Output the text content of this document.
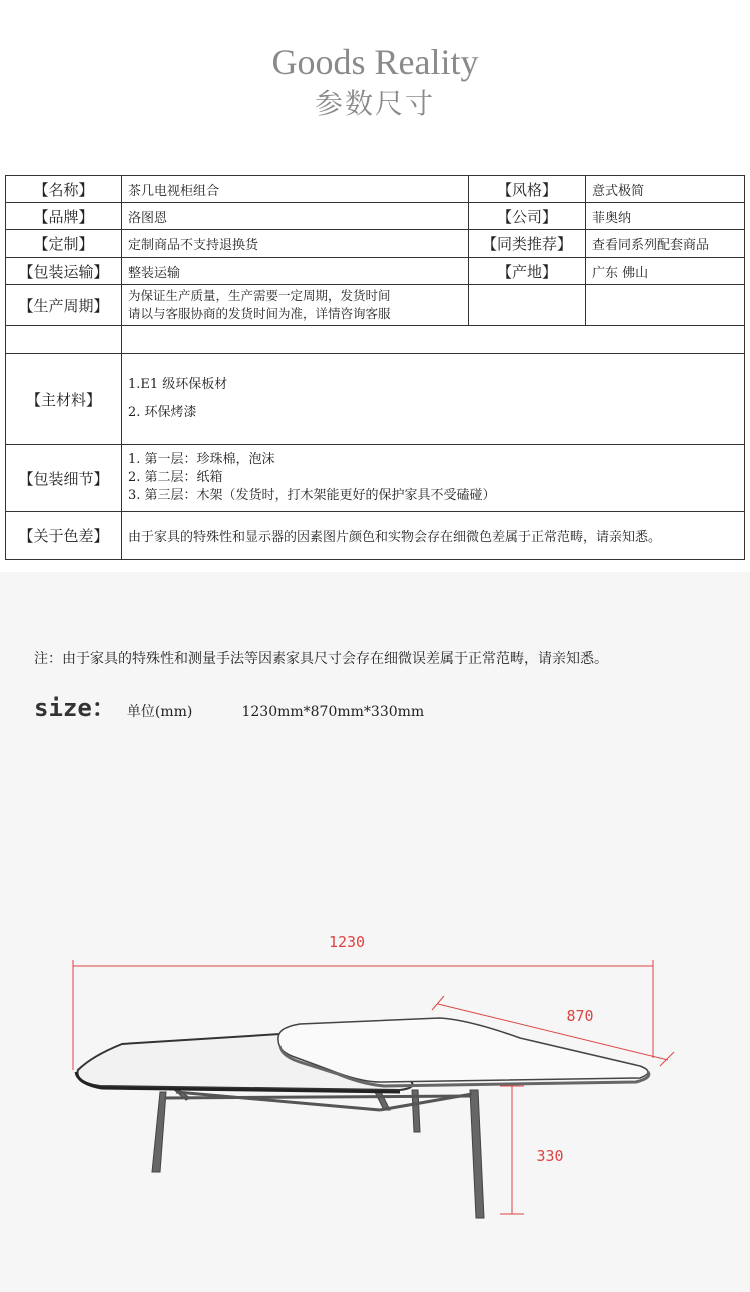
Goods Reality
参数尺寸
【名称】	茶几电视柜组合	【风格】	意式极简
【品牌】	洛图恩	【公司】	菲奥纳
【定制】	定制商品不支持退换货	【同类推荐】	查看同系列配套商品
【包装运输】	整装运输	【产地】	广东 佛山
【生产周期】	为保证生产质量，生产需要一定周期，发货时间

请以与客服协商的发货时间为准，详情咨询客服		

【主材料】	1.E1 级环保板材

2. 环保烤漆		

【包装细节】	1. 第一层：珍珠棉，泡沫

2. 第二层：纸箱

3. 第三层：木架（发货时，打木架能更好的保护家具不受磕碰）		

【关于色差】	由于家具的特殊性和显示器的因素图片颜色和实物会存在细微色差属于正常范畴，请亲知悉。		
注：由于家具的特殊性和测量手法等因素家具尺寸会存在细微误差属于正常范畴，请亲知悉。
size： 单位(mm)	1230mm*870mm*330mm
1230
870
330
